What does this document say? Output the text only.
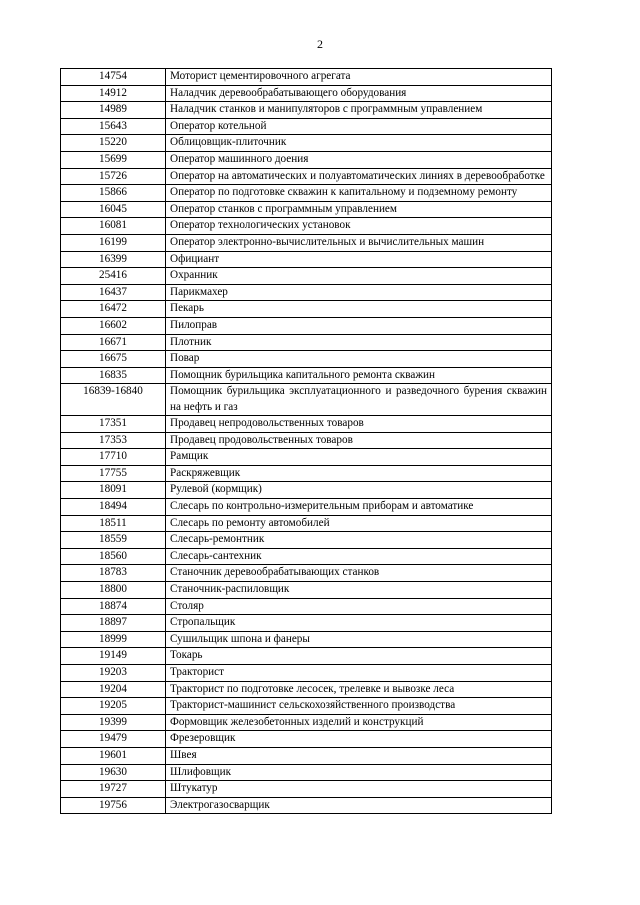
2
14754	Моторист цементировочного агрегата
14912	Наладчик деревообрабатывающего оборудования
14989	Наладчик станков и манипуляторов с программным управлением
15643	Оператор котельной
15220	Облицовщик-плиточник
15699	Оператор машинного доения
15726	Оператор на автоматических и полуавтоматических линиях в деревообработке
15866	Оператор по подготовке скважин к капитальному и подземному ремонту
16045	Оператор станков с программным управлением
16081	Оператор технологических установок
16199	Оператор электронно-вычислительных и вычислительных машин
16399	Официант
25416	Охранник
16437	Парикмахер
16472	Пекарь
16602	Пилоправ
16671	Плотник
16675	Повар
16835	Помощник бурильщика капитального ремонта скважин
16839-16840	Помощник бурильщика эксплуатационного и разведочного бурения скважин на нефть и газ
17351	Продавец непродовольственных товаров
17353	Продавец продовольственных товаров
17710	Рамщик
17755	Раскряжевщик
18091	Рулевой (кормщик)
18494	Слесарь по контрольно-измерительным приборам и автоматике
18511	Слесарь по ремонту автомобилей
18559	Слесарь-ремонтник
18560	Слесарь-сантехник
18783	Станочник деревообрабатывающих станков
18800	Станочник-распиловщик
18874	Столяр
18897	Стропальщик
18999	Сушильщик шпона и фанеры
19149	Токарь
19203	Тракторист
19204	Тракторист по подготовке лесосек, трелевке и вывозке леса
19205	Тракторист-машинист сельскохозяйственного производства
19399	Формовщик железобетонных изделий и конструкций
19479	Фрезеровщик
19601	Швея
19630	Шлифовщик
19727	Штукатур
19756	Электрогазосварщик
